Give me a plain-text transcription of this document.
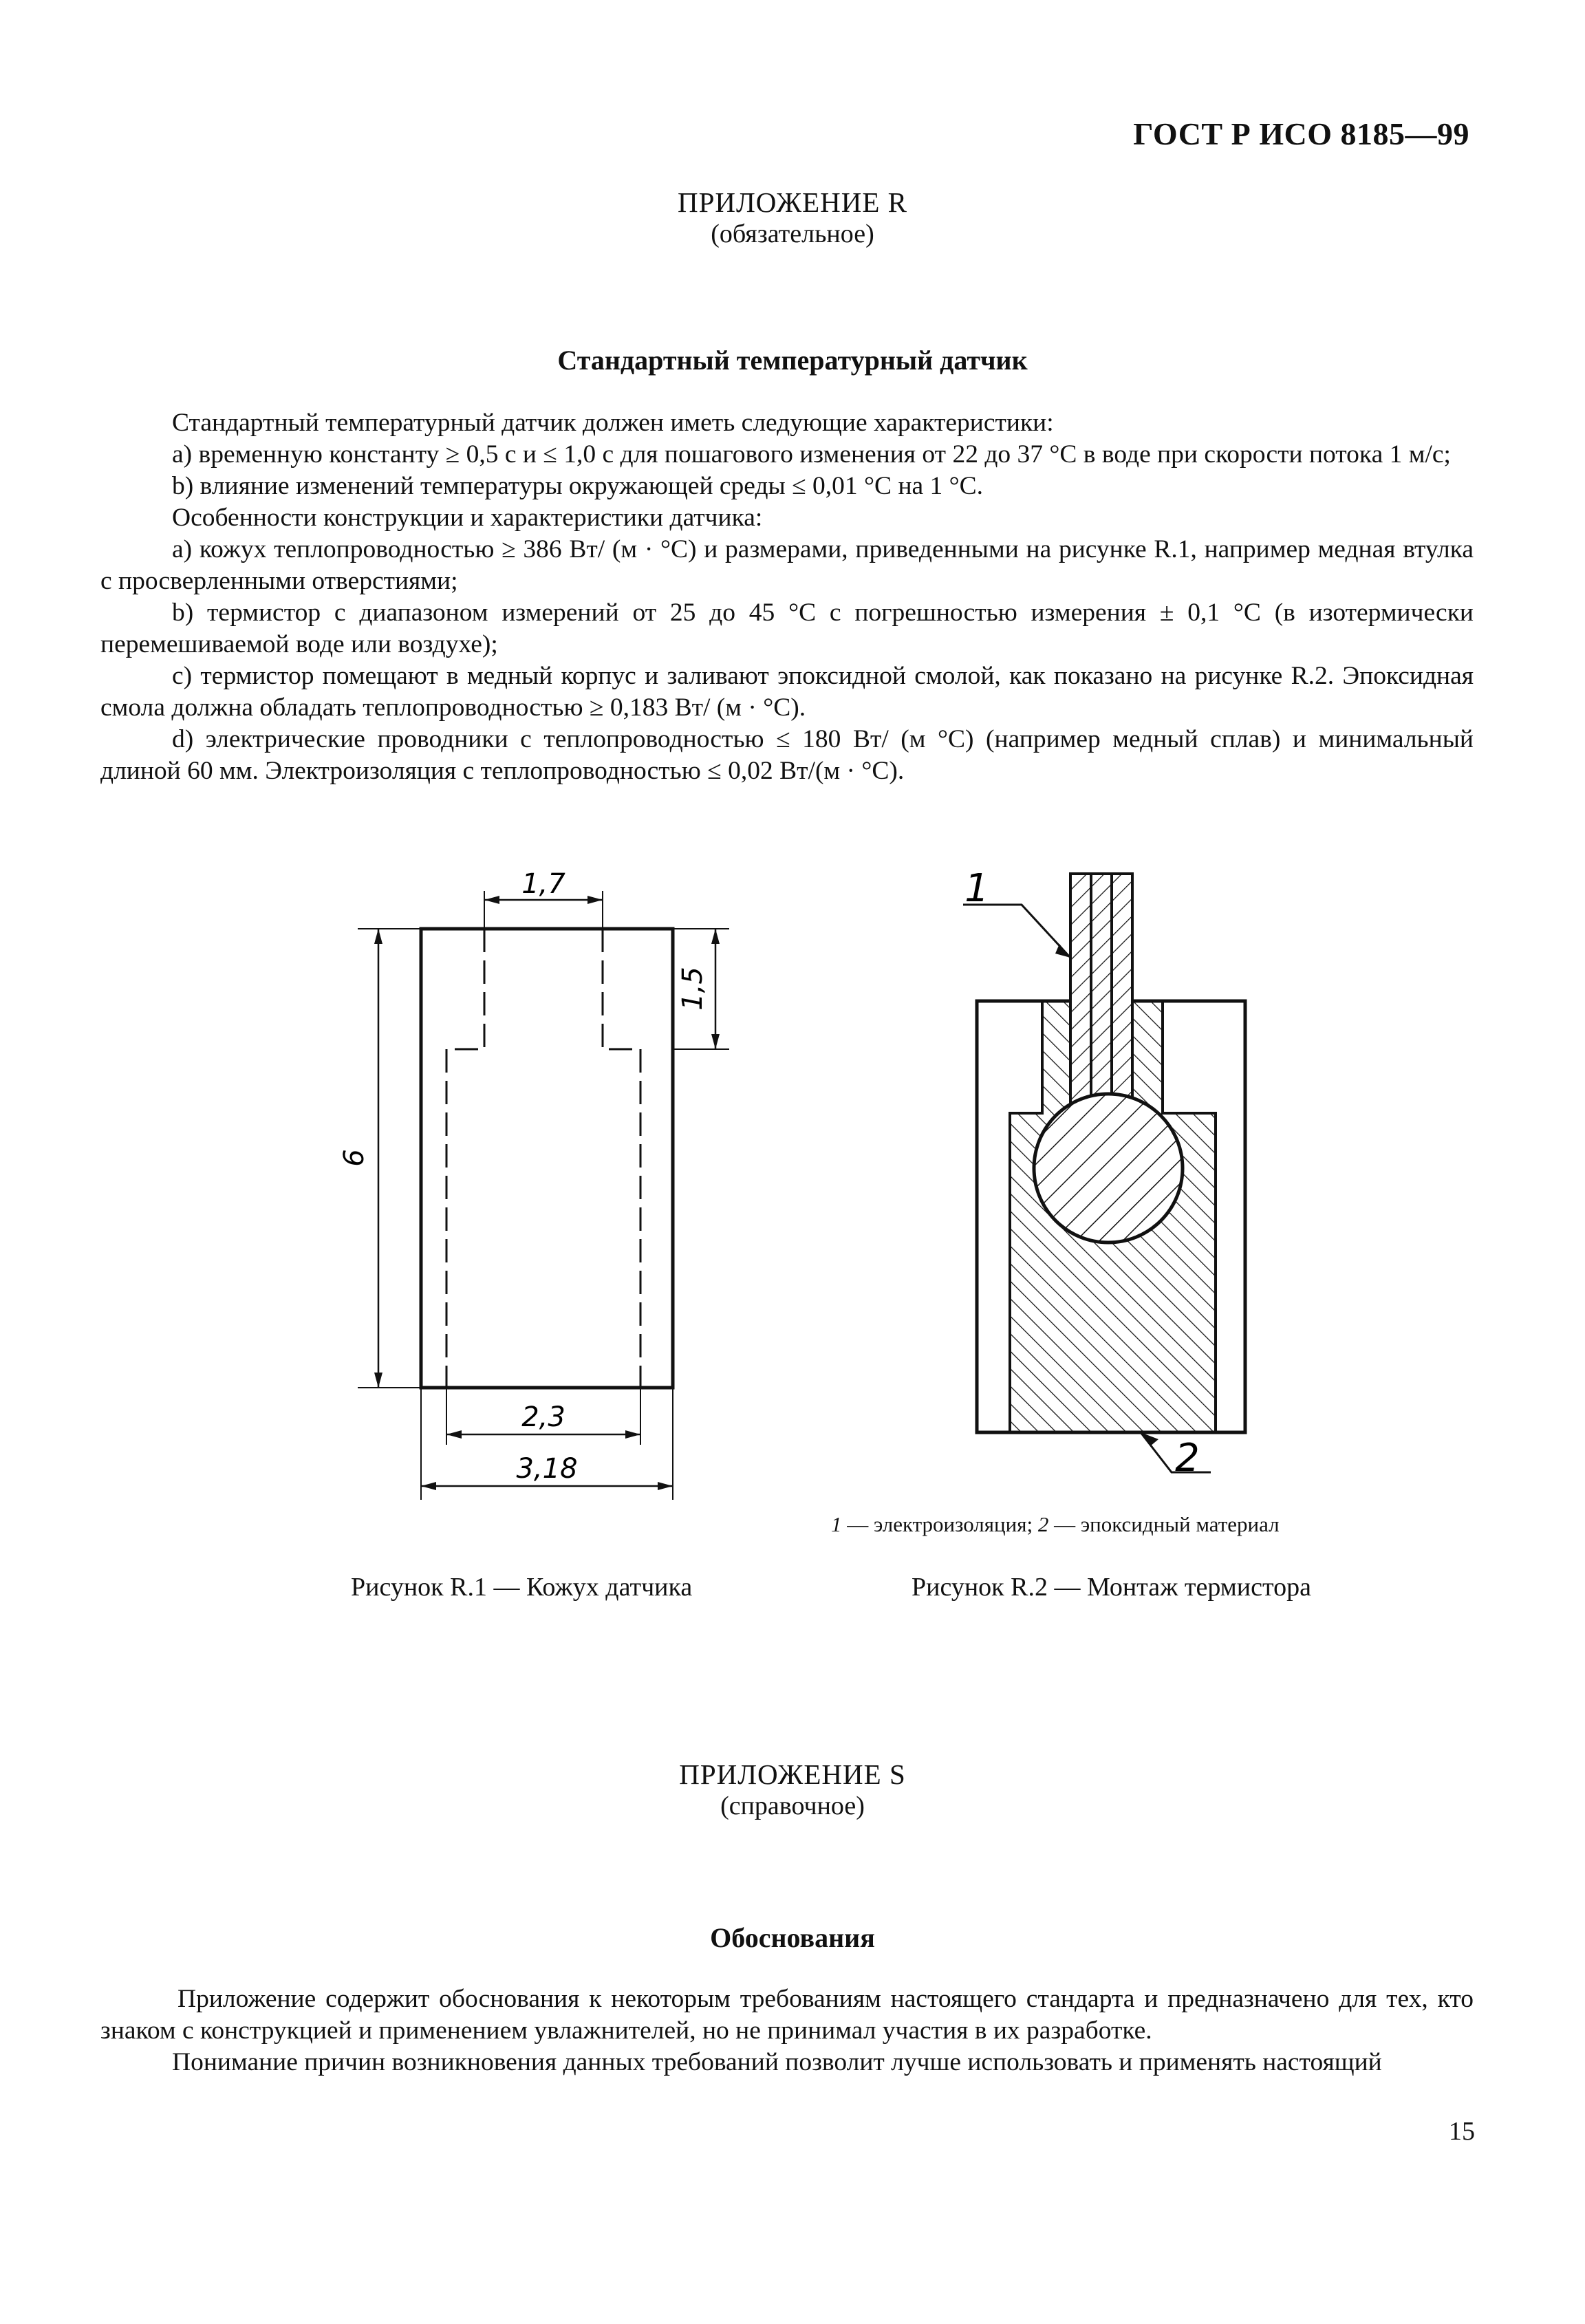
ГОСТ Р ИСО 8185—99
ПРИЛОЖЕНИЕ R
(обязательное)
Стандартный температурный датчик

Стандартный температурный датчик должен иметь следующие характеристики:

а) временную константу ≥ 0,5 с и ≤ 1,0 с для пошагового изменения от 22 до 37 °С в воде при скорости потока 1 м/с;

b) влияние изменений температуры окружающей среды ≤ 0,01 °С на 1 °С.

Особенности конструкции и характеристики датчика:

а) кожух теплопроводностью ≥ 386 Вт/ (м · °С) и размерами, приведенными на рисунке R.1, например медная втулка с просверленными отверстиями;

b) термистор с диапазоном измерений от 25 до 45 °С с погрешностью измерения ± 0,1 °С (в изотермически перемешиваемой воде или воздухе);

с) термистор помещают в медный корпус и заливают эпоксидной смолой, как показано на рисунке R.2. Эпоксидная смола должна обладать теплопроводностью ≥ 0,183 Вт/ (м · °С).

d) электрические проводники с теплопроводностью ≤ 180 Вт/ (м °С) (например медный сплав) и минимальный длиной 60 мм. Электроизоляция с теплопроводностью ≤ 0,02 Вт/(м · °С).

1,7
6
1,5
2,3
3,18
1
2
1 — электроизоляция; 2 — эпоксидный материал
Рисунок R.1 — Кожух датчика	Рисунок R.2 — Монтаж термистора
ПРИЛОЖЕНИЕ S
(справочное)
Обоснования

Приложение содержит обоснования к некоторым требованиям настоящего стандарта и предназначено для тех, кто знаком с конструкцией и применением увлажнителей, но не принимал участия в их разработке.

Понимание причин возникновения данных требований позволит лучше использовать и применять настоящий

15
